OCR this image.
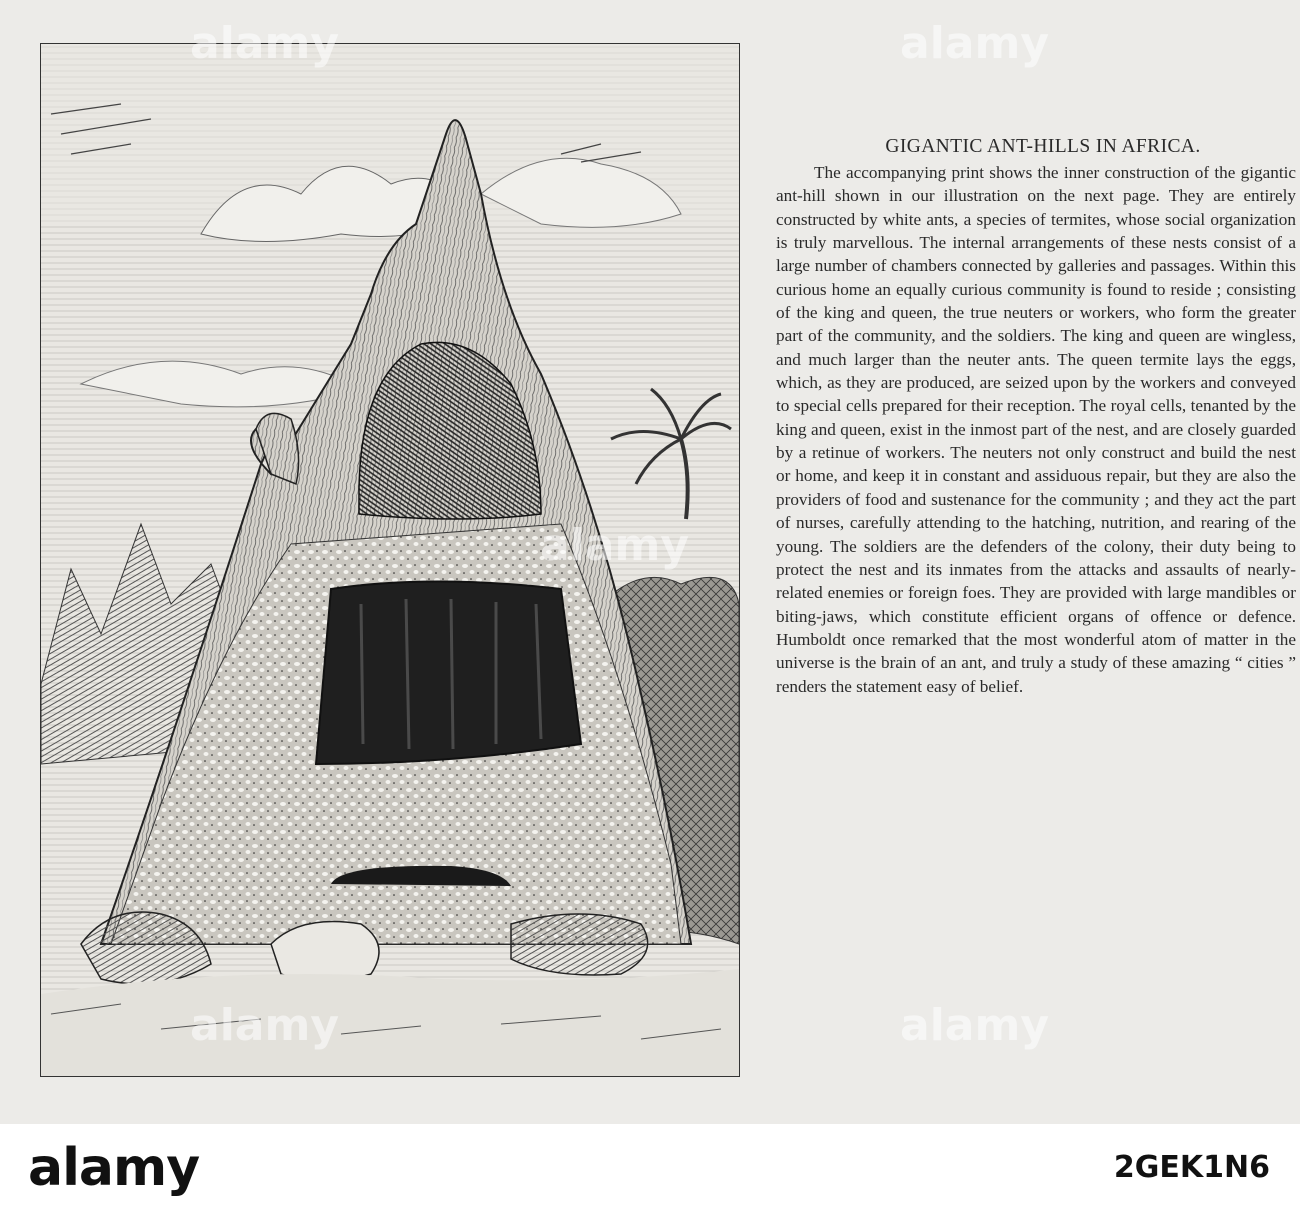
GIGANTIC ANT-HILLS IN AFRICA.

The accompanying print shows the inner construction of the gigantic ant-hill shown in our illustration on the next page. They are entirely constructed by white ants, a species of termites, whose social organization is truly marvellous. The internal arrangements of these nests consist of a large number of chambers connected by galleries and passages. Within this curious home an equally curious community is found to reside ; consisting of the king and queen, the true neuters or workers, who form the greater part of the community, and the soldiers. The king and queen are wingless, and much larger than the neuter ants. The queen termite lays the eggs, which, as they are produced, are seized upon by the workers and conveyed to special cells prepared for their reception. The royal cells, tenanted by the king and queen, exist in the inmost part of the nest, and are closely guarded by a retinue of workers. The neuters not only construct and build the nest or home, and keep it in constant and assiduous repair, but they are also the providers of food and sustenance for the community ; and they act the part of nurses, carefully attending to the hatching, nutrition, and rearing of the young. The soldiers are the defenders of the colony, their duty being to protect the nest and its inmates from the attacks and assaults of nearly-related enemies or foreign foes. They are provided with large mandibles or biting-jaws, which constitute efficient organs of offence or defence. Humboldt once remarked that the most wonderful atom of matter in the universe is the brain of an ant, and truly a study of these amazing “ cities ” renders the statement easy of belief.

alamy	alamy
alamy
alamy	alamy
alamy	2GEK1N6
